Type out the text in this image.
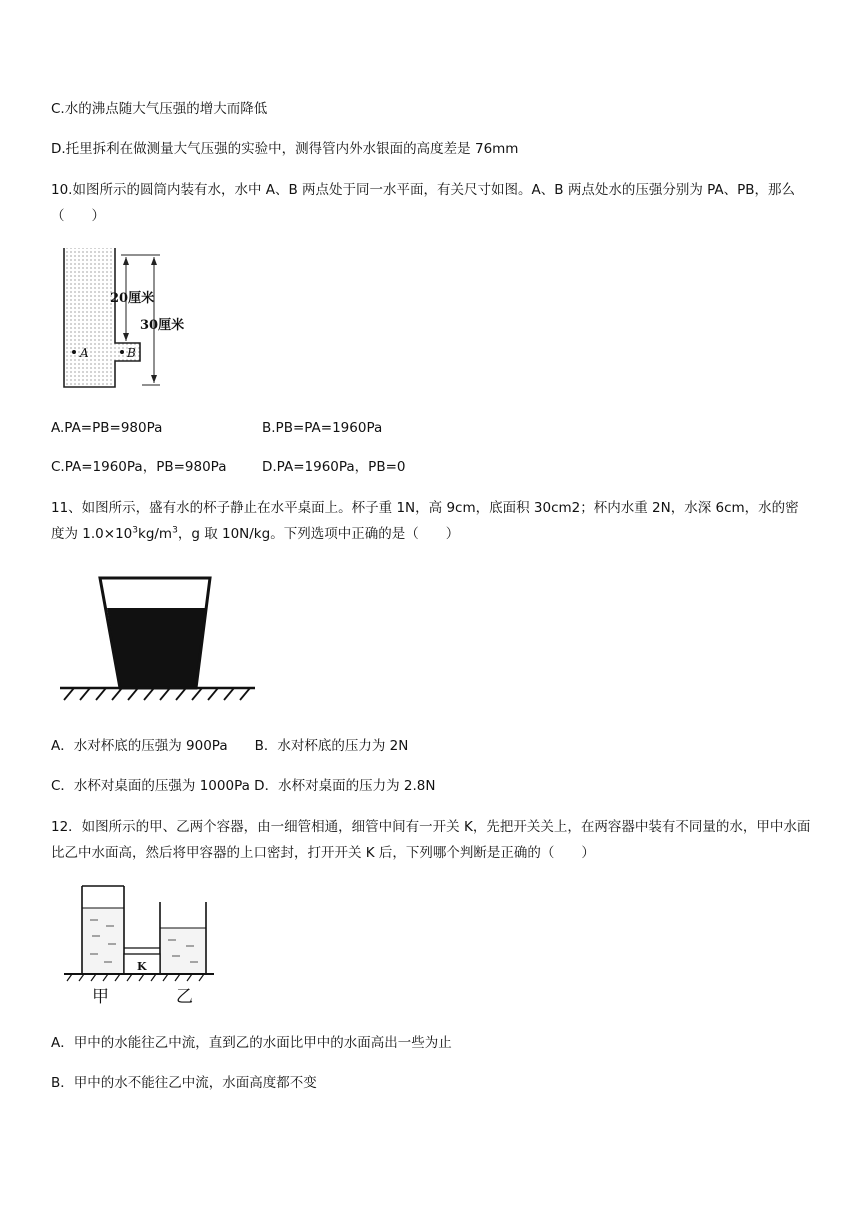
C.水的沸点随大气压强的增大而降低
D.托里拆利在做测量大气压强的实验中，测得管内外水银面的高度差是 76mm
10.如图所示的圆筒内装有水，水中 A、B 两点处于同一水平面，有关尺寸如图。A、B 两点处水的压强分别为 PA、PB，那么（　　）
20厘米
30厘米
A	B
A.PA=PB=980Pa	B.PB=PA=1960Pa
C.PA=1960Pa，PB=980Pa	D.PA=1960Pa，PB=0
11、如图所示，盛有水的杯子静止在水平桌面上。杯子重 1N，高 9cm，底面积 30cm2；杯内水重 2N，水深 6cm，水的密度为 $1.0\times 10^3kg/m^3$，g 取 10N/kg。下列选项中正确的是（　　）
A．水对杯底的压强为 900Pa　　B．水对杯底的压力为 2N
C．水杯对桌面的压强为 1000Pa D．水杯对桌面的压力为 2.8N
12．如图所示的甲、乙两个容器，由一细管相通，细管中间有一开关 K，先把开关关上，在两容器中装有不同量的水，甲中水面比乙中水面高，然后将甲容器的上口密封，打开开关 K 后，下列哪个判断是正确的（　　）
K
甲	乙
A．甲中的水能往乙中流，直到乙的水面比甲中的水面高出一些为止
B．甲中的水不能往乙中流，水面高度都不变
